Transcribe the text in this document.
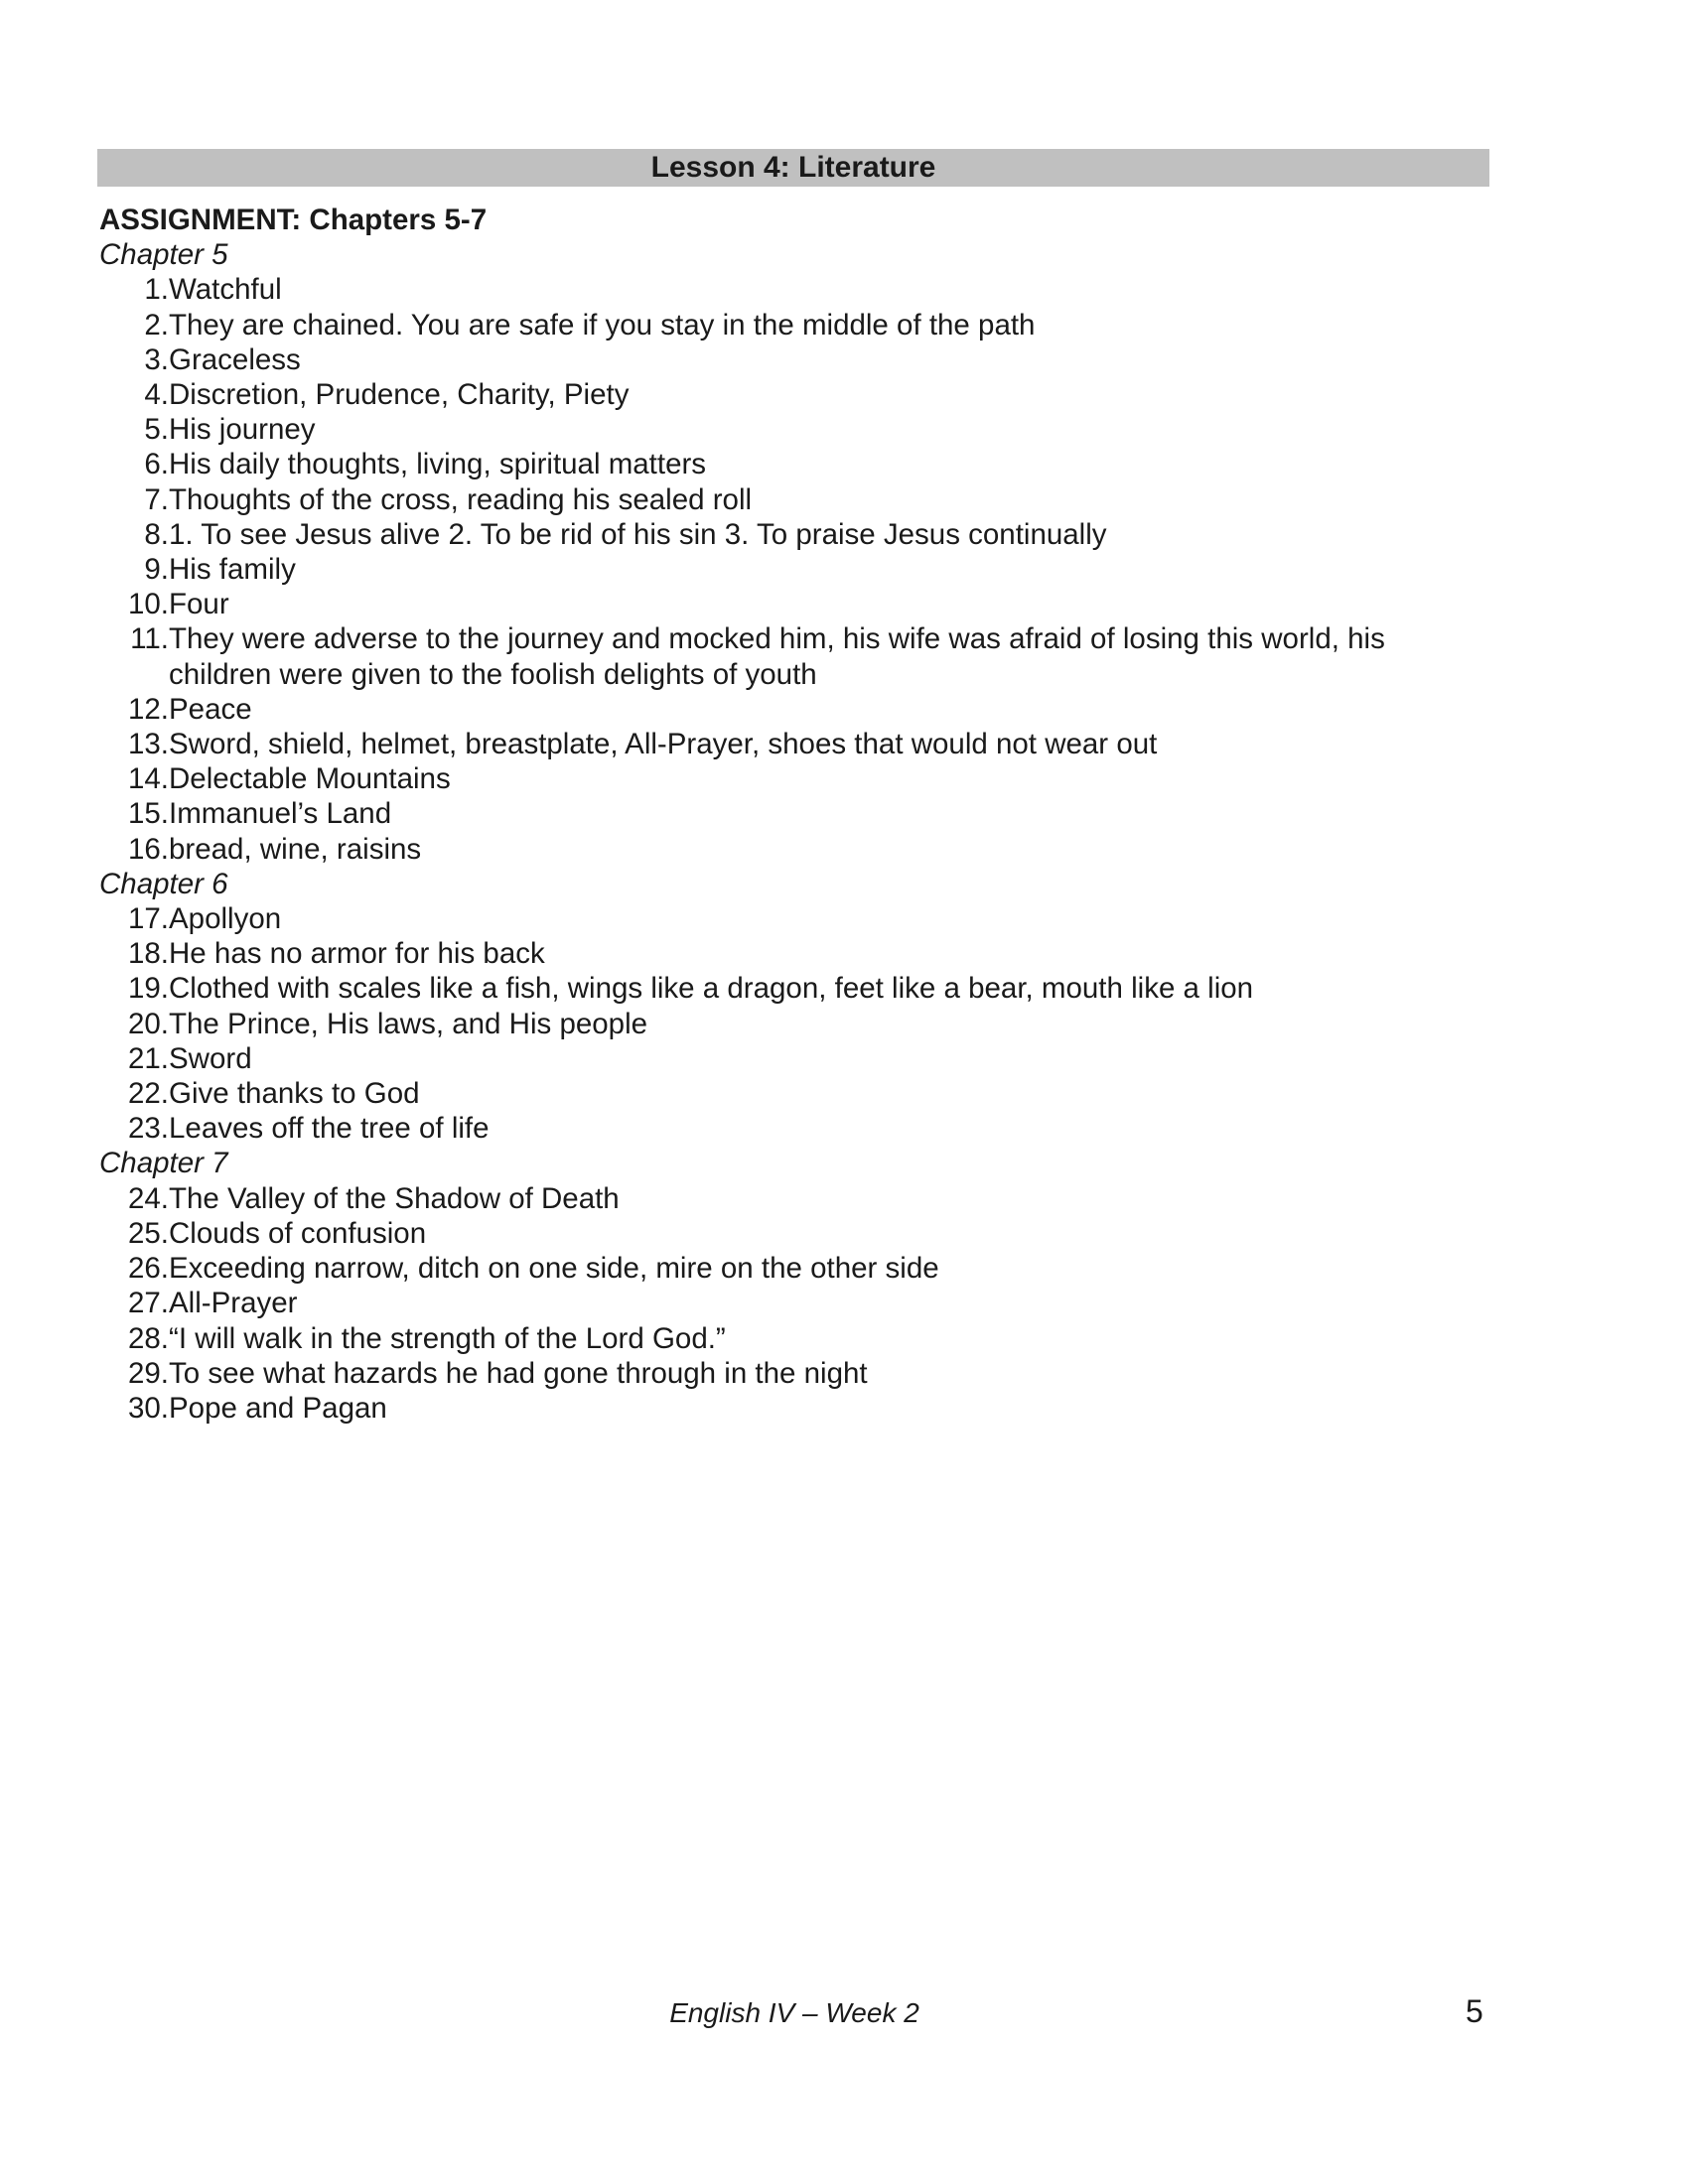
Lesson 4: Literature
ASSIGNMENT: Chapters 5-7
Chapter 5
1. Watchful
2. They are chained. You are safe if you stay in the middle of the path
3. Graceless
4. Discretion, Prudence, Charity, Piety
5. His journey
6. His daily thoughts, living, spiritual matters
7. Thoughts of the cross, reading his sealed roll
8. 1. To see Jesus alive 2. To be rid of his sin 3. To praise Jesus continually
9. His family
10. Four
11. They were adverse to the journey and mocked him, his wife was afraid of losing this world, his children were given to the foolish delights of youth
12. Peace
13. Sword, shield, helmet, breastplate, All-Prayer, shoes that would not wear out
14. Delectable Mountains
15. Immanuel’s Land
16. bread, wine, raisins
Chapter 6
17. Apollyon
18. He has no armor for his back
19. Clothed with scales like a fish, wings like a dragon, feet like a bear, mouth like a lion
20. The Prince, His laws, and His people
21. Sword
22. Give thanks to God
23. Leaves off the tree of life
Chapter 7
24. The Valley of the Shadow of Death
25. Clouds of confusion
26. Exceeding narrow, ditch on one side, mire on the other side
27. All-Prayer
28. “I will walk in the strength of the Lord God.”
29. To see what hazards he had gone through in the night
30. Pope and Pagan
English IV – Week 2	5
